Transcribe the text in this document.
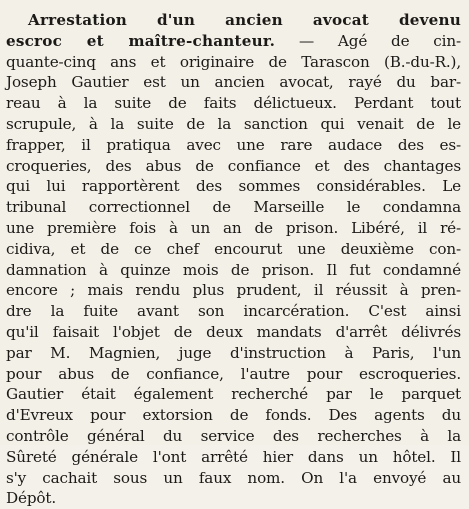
Arrestation d'un ancien avocat devenu
escroc et maître-chanteur. — Agé de cin-
quante-cinq ans et originaire de Tarascon (B.-du-R.),
Joseph Gautier est un ancien avocat, rayé du bar-
reau à la suite de faits délictueux. Perdant tout
scrupule, à la suite de la sanction qui venait de le
frapper, il pratiqua avec une rare audace des es-
croqueries, des abus de confiance et des chantages
qui lui rapportèrent des sommes considérables. Le
tribunal correctionnel de Marseille le condamna
une première fois à un an de prison. Libéré, il ré-
cidiva, et de ce chef encourut une deuxième con-
damnation à quinze mois de prison. Il fut condamné
encore ; mais rendu plus prudent, il réussit à pren-
dre la fuite avant son incarcération. C'est ainsi
qu'il faisait l'objet de deux mandats d'arrêt délivrés
par M. Magnien, juge d'instruction à Paris, l'un
pour abus de confiance, l'autre pour escroqueries.
Gautier était également recherché par le parquet
d'Evreux pour extorsion de fonds. Des agents du
contrôle général du service des recherches à la
Sûreté générale l'ont arrêté hier dans un hôtel. Il
s'y cachait sous un faux nom. On l'a envoyé au
Dépôt.
